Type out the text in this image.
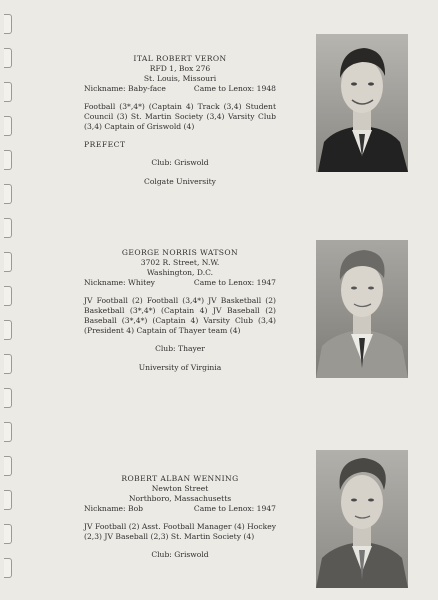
ITAL ROBERT VERON
RFD 1, Box 276
St. Louis, Missouri
Nickname: Baby-face	Came to Lenox: 1948
Football (3*,4*) (Captain 4) Track (3,4) Student Council (3) St. Martin Society (3,4) Varsity Club (3,4) Captain of Griswold (4)
PREFECT
Club: Griswold
Colgate University
GEORGE NORRIS WATSON
3702 R. Street, N.W.
Washington, D.C.
Nickname: Whitey	Came to Lenox: 1947
JV Football (2) Football (3,4*) JV Basketball (2) Basketball (3*,4*) (Captain 4) JV Baseball (2) Baseball (3*,4*) (Captain 4) Varsity Club (3,4) (President 4) Captain of Thayer team (4)
Club: Thayer
University of Virginia
ROBERT ALBAN WENNING
Newton Street
Northboro, Massachusetts
Nickname: Bob	Came to Lenox: 1947
JV Football (2) Asst. Football Manager (4) Hockey (2,3) JV Baseball (2,3) St. Martin Society (4)
Club: Griswold
